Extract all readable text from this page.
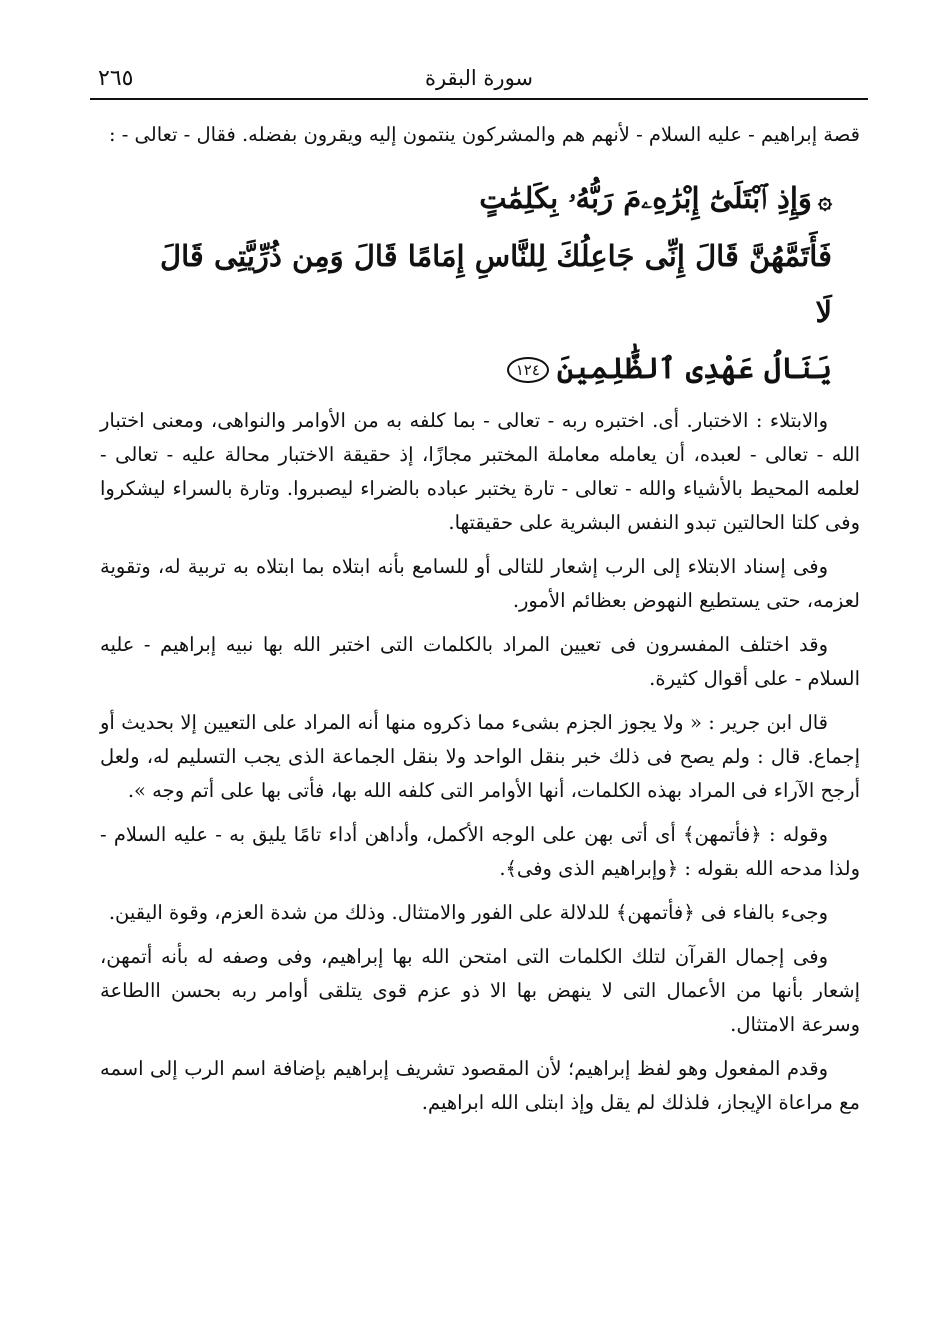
٢٦٥	سورة البقرة

قصة إبراهيم - عليه السلام - لأنهم هم والمشركون ينتمون إليه ويقرون بفضله. فقال - تعالى - :

۞وَإِذِ ٱبْتَلَىٰٓ إِبْرَٰهِۦمَ رَبُّهُۥ بِكَلِمَٰتٍ
فَأَتَمَّهُنَّ قَالَ إِنِّى جَاعِلُكَ لِلنَّاسِ إِمَامًا قَالَ وَمِن ذُرِّيَّتِى قَالَ لَا
يَنَالُ عَهْدِى ٱلظَّٰلِمِينَ١٢٤

والابتلاء : الاختبار. أى. اختبره ربه - تعالى - بما كلفه به من الأوامر والنواهى، ومعنى اختبار الله - تعالى - لعبده، أن يعامله معاملة المختبر مجازًا، إذ حقيقة الاختبار محالة عليه - تعالى - لعلمه المحيط بالأشياء والله - تعالى - تارة يختبر عباده بالضراء ليصبروا. وتارة بالسراء ليشكروا وفى كلتا الحالتين تبدو النفس البشرية على حقيقتها.

وفى إسناد الابتلاء إلى الرب إشعار للتالى أو للسامع بأنه ابتلاه بما ابتلاه به تربية له، وتقوية لعزمه، حتى يستطيع النهوض بعظائم الأمور.

وقد اختلف المفسرون فى تعيين المراد بالكلمات التى اختبر الله بها نبيه إبراهيم - عليه السلام - على أقوال كثيرة.

قال ابن جرير : « ولا يجوز الجزم بشىء مما ذكروه منها أنه المراد على التعيين إلا بحديث أو إجماع. قال : ولم يصح فى ذلك خبر بنقل الواحد ولا بنقل الجماعة الذى يجب التسليم له، ولعل أرجح الآراء فى المراد بهذه الكلمات، أنها الأوامر التى كلفه الله بها، فأتى بها على أتم وجه ».

وقوله : ﴿فأتمهن﴾ أى أتى بهن على الوجه الأكمل، وأداهن أداء تامًا يليق به - عليه السلام - ولذا مدحه الله بقوله : ﴿وإبراهيم الذى وفى﴾.

وجىء بالفاء فى ﴿فأتمهن﴾ للدلالة على الفور والامتثال. وذلك من شدة العزم، وقوة اليقين.

وفى إجمال القرآن لتلك الكلمات التى امتحن الله بها إبراهيم، وفى وصفه له بأنه أتمهن، إشعار بأنها من الأعمال التى لا ينهض بها الا ذو عزم قوى يتلقى أوامر ربه بحسن االطاعة وسرعة الامتثال.

وقدم المفعول وهو لفظ إبراهيم؛ لأن المقصود تشريف إبراهيم بإضافة اسم الرب إلى اسمه مع مراعاة الإيجاز، فلذلك لم يقل وإذ ابتلى الله ابراهيم.
